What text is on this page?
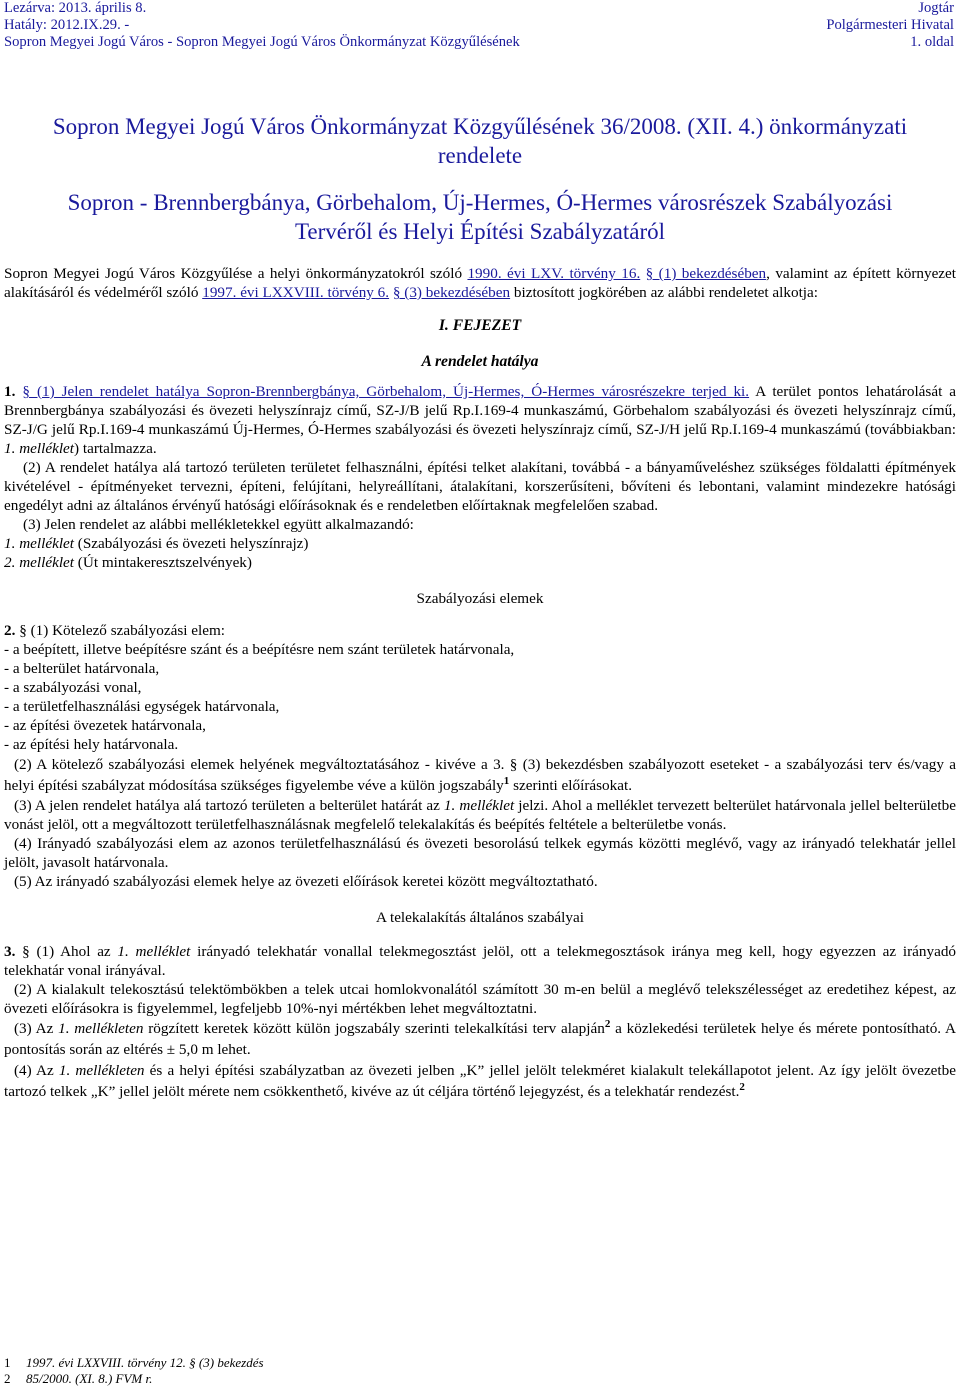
Lezárva: 2013. április 8.
Hatály: 2012.IX.29. -
Sopron Megyei Jogú Város - Sopron Megyei Jogú Város Önkormányzat Közgyűlésének
Jogtár
Polgármesteri Hivatal
1. oldal
Sopron Megyei Jogú Város Önkormányzat Közgyűlésének 36/2008. (XII. 4.) önkormányzati rendelete
Sopron - Brennbergbánya, Görbehalom, Új-Hermes, Ó-Hermes városrészek Szabályozási Tervéről és Helyi Építési Szabályzatáról

Sopron Megyei Jogú Város Közgyűlése a helyi önkormányzatokról szóló 1990. évi LXV. törvény 16. § (1) bekezdésében, valamint az épített környezet alakításáról és védelméről szóló 1997. évi LXXVIII. törvény 6. § (3) bekezdésében biztosított jogkörében az alábbi rendeletet alkotja:

I. FEJEZET

A rendelet hatálya

1. § (1) Jelen rendelet hatálya Sopron-Brennbergbánya, Görbehalom, Új-Hermes, Ó-Hermes városrészekre terjed ki. A terület pontos lehatárolását a Brennbergbánya szabályozási és övezeti helyszínrajz című, SZ-J/B jelű Rp.I.169-4 munkaszámú, Görbehalom szabályozási és övezeti helyszínrajz című, SZ-J/G jelű Rp.I.169-4 munkaszámú Új-Hermes, Ó-Hermes szabályozási és övezeti helyszínrajz című, SZ-J/H jelű Rp.I.169-4 munkaszámú (továbbiakban: 1. melléklet) tartalmazza.

(2) A rendelet hatálya alá tartozó területen területet felhasználni, építési telket alakítani, továbbá - a bányaműveléshez szükséges földalatti építmények kivételével - építményeket tervezni, építeni, felújítani, helyreállítani, átalakítani, korszerűsíteni, bővíteni és lebontani, valamint mindezekre hatósági engedélyt adni az általános érvényű hatósági előírásoknak és e rendeletben előírtaknak megfelelően szabad.

(3) Jelen rendelet az alábbi mellékletekkel együtt alkalmazandó:

1. melléklet (Szabályozási és övezeti helyszínrajz)

2. melléklet (Út mintakeresztszelvények)

Szabályozási elemek

2. § (1) Kötelező szabályozási elem:

- a beépített, illetve beépítésre szánt és a beépítésre nem szánt területek határvonala,

- a belterület határvonala,

- a szabályozási vonal,

- a területfelhasználási egységek határvonala,

- az építési övezetek határvonala,

- az építési hely határvonala.

(2) A kötelező szabályozási elemek helyének megváltoztatásához - kivéve a 3. § (3) bekezdésben szabályozott eseteket - a szabályozási terv és/vagy a helyi építési szabályzat módosítása szükséges figyelembe véve a külön jogszabály$^1$ szerinti előírásokat.

(3) A jelen rendelet hatálya alá tartozó területen a belterület határát az 1. melléklet jelzi. Ahol a melléklet tervezett belterület határvonala jellel belterületbe vonást jelöl, ott a megváltozott területfelhasználásnak megfelelő telekalakítás és beépítés feltétele a belterületbe vonás.

(4) Irányadó szabályozási elem az azonos területfelhasználású és övezeti besorolású telkek egymás közötti meglévő, vagy az irányadó telekhatár jellel jelölt, javasolt határvonala.

(5) Az irányadó szabályozási elemek helye az övezeti előírások keretei között megváltoztatható.

A telekalakítás általános szabályai

3. § (1) Ahol az 1. melléklet irányadó telekhatár vonallal telekmegosztást jelöl, ott a telekmegosztások iránya meg kell, hogy egyezzen az irányadó telekhatár vonal irányával.

(2) A kialakult telekosztású telektömbökben a telek utcai homlokvonalától számított 30 m-en belül a meglévő telekszélességet az eredetihez képest, az övezeti előírásokra is figyelemmel, legfeljebb 10%-nyi mértékben lehet megváltoztatni.

(3) Az 1. mellékleten rögzített keretek között külön jogszabály szerinti telekalkítási terv alapján$^2$ a közlekedési területek helye és mérete pontosítható. A pontosítás során az eltérés ± 5,0 m lehet.

(4) Az 1. mellékleten és a helyi építési szabályzatban az övezeti jelben „K” jellel jelölt telekméret kialakult telekállapotot jelent. Az így jelölt övezetbe tartozó telkek „K” jellel jelölt mérete nem csökkenthető, kivéve az út céljára történő lejegyzést, és a telekhatár rendezést.$^2$

1 1997. évi LXXVIII. törvény 12. § (3) bekezdés
2 85/2000. (XI. 8.) FVM r.
